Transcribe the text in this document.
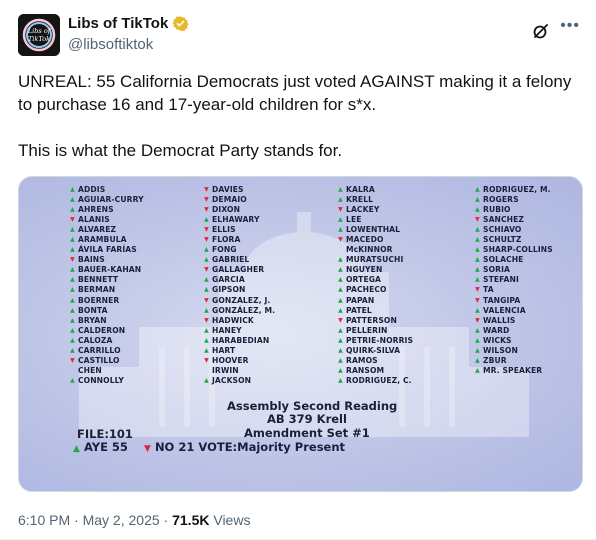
Libs of
TikTok
Libs of TikTok
@libsoftiktok
•••

UNREAL: 55 California Democrats just voted AGAINST making it a felony to purchase 16 and 17-year-old children for s*x.

This is what the Democrat Party stands for.

▲ ADDIS
▲ AGUIAR-CURRY
▲ AHRENS
▼ ALANIS
▲ ALVAREZ
▲ ARAMBULA
▲ ÁVILA FARÍAS
▼ BAINS
▲ BAUER-KAHAN
▲ BENNETT
▲ BERMAN
▲ BOERNER
▲ BONTA
▲ BRYAN
▲ CALDERON
▲ CALOZA
▲ CARRILLO
▼ CASTILLO
CHEN
▲ CONNOLLY
▼ DAVIES
▼ DEMAIO
▼ DIXON
▲ ELHAWARY
▼ ELLIS
▼ FLORA
▲ FONG
▲ GABRIEL
▼ GALLAGHER
▲ GARCIA
▲ GIPSON
▼ GONZALEZ, J.
▲ GONZÁLEZ, M.
▼ HADWICK
▲ HANEY
▲ HARABEDIAN
▲ HART
▼ HOOVER
IRWIN
▲ JACKSON
▲ KALRA
▲ KRELL
▼ LACKEY
▲ LEE
▲ LOWENTHAL
▼ MACEDO
McKINNOR
▲ MURATSUCHI
▲ NGUYEN
▲ ORTEGA
▲ PACHECO
▲ PAPAN
▲ PATEL
▼ PATTERSON
▲ PELLERIN
▲ PETRIE-NORRIS
▲ QUIRK-SILVA
▲ RAMOS
▲ RANSOM
▲ RODRIGUEZ, C.
▲ RODRIGUEZ, M.
▲ ROGERS
▲ RUBIO
▼ SANCHEZ
▲ SCHIAVO
▲ SCHULTZ
▲ SHARP-COLLINS
▲ SOLACHE
▲ SORIA
▲ STEFANI
▼ TA
▼ TANGIPA
▲ VALENCIA
▼ WALLIS
▲ WARD
▲ WICKS
▲ WILSON
▲ ZBUR
▲ MR. SPEAKER
Assembly Second Reading
AB 379 Krell
FILE:101	Amendment Set #1
▲ AYE 55 ▼ NO 21 VOTE:Majority Present
6:10 PM · May 2, 2025 · 71.5K Views
